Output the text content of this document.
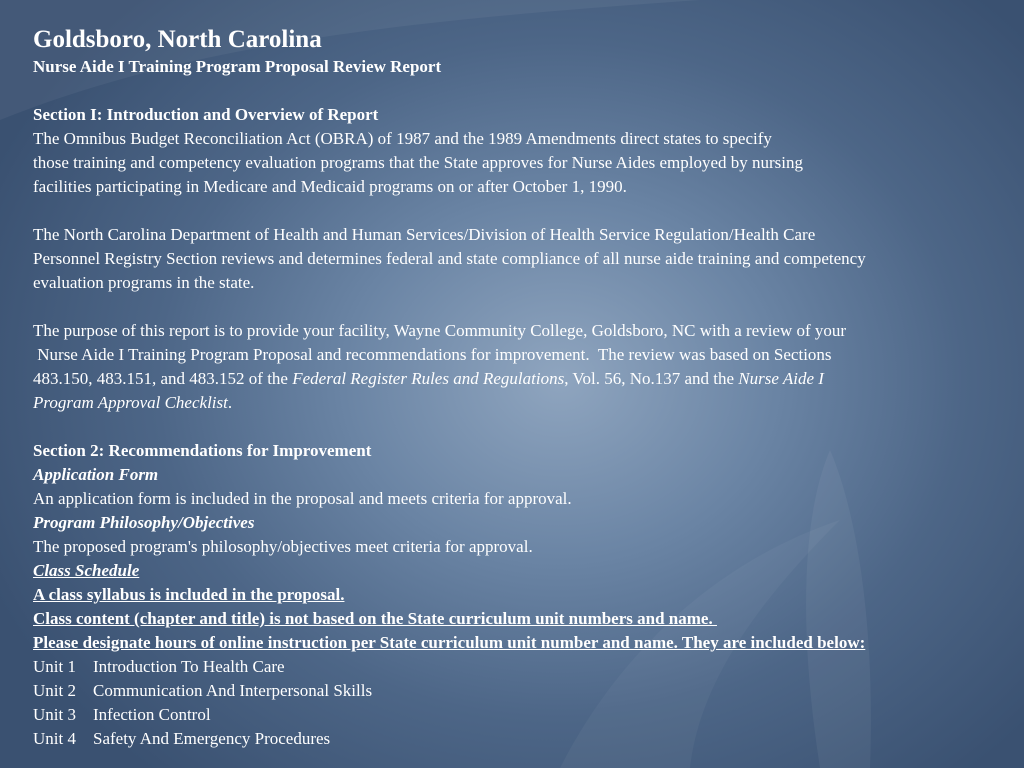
Goldsboro, North Carolina

Nurse Aide I Training Program Proposal Review Report

Section I: Introduction and Overview of Report

The Omnibus Budget Reconciliation Act (OBRA) of 1987 and the 1989 Amendments direct states to specify
those training and competency evaluation programs that the State approves for Nurse Aides employed by nursing
facilities participating in Medicare and Medicaid programs on or after October 1, 1990.

The North Carolina Department of Health and Human Services/Division of Health Service Regulation/Health Care
Personnel Registry Section reviews and determines federal and state compliance of all nurse aide training and competency
evaluation programs in the state.

The purpose of this report is to provide your facility, Wayne Community College, Goldsboro, NC with a review of your
Nurse Aide I Training Program Proposal and recommendations for improvement.  The review was based on Sections
483.150, 483.151, and 483.152 of the Federal Register Rules and Regulations, Vol. 56, No.137 and the Nurse Aide I
Program Approval Checklist.

Section 2: Recommendations for Improvement

Application Form

An application form is included in the proposal and meets criteria for approval.

Program Philosophy/Objectives

The proposed program's philosophy/objectives meet criteria for approval.

Class Schedule

A class syllabus is included in the proposal.

Class content (chapter and title) is not based on the State curriculum unit numbers and name.

Please designate hours of online instruction per State curriculum unit number and name. They are included below:

Unit 1	Introduction To Health Care

Unit 2	Communication And Interpersonal Skills

Unit 3	Infection Control

Unit 4	Safety And Emergency Procedures
